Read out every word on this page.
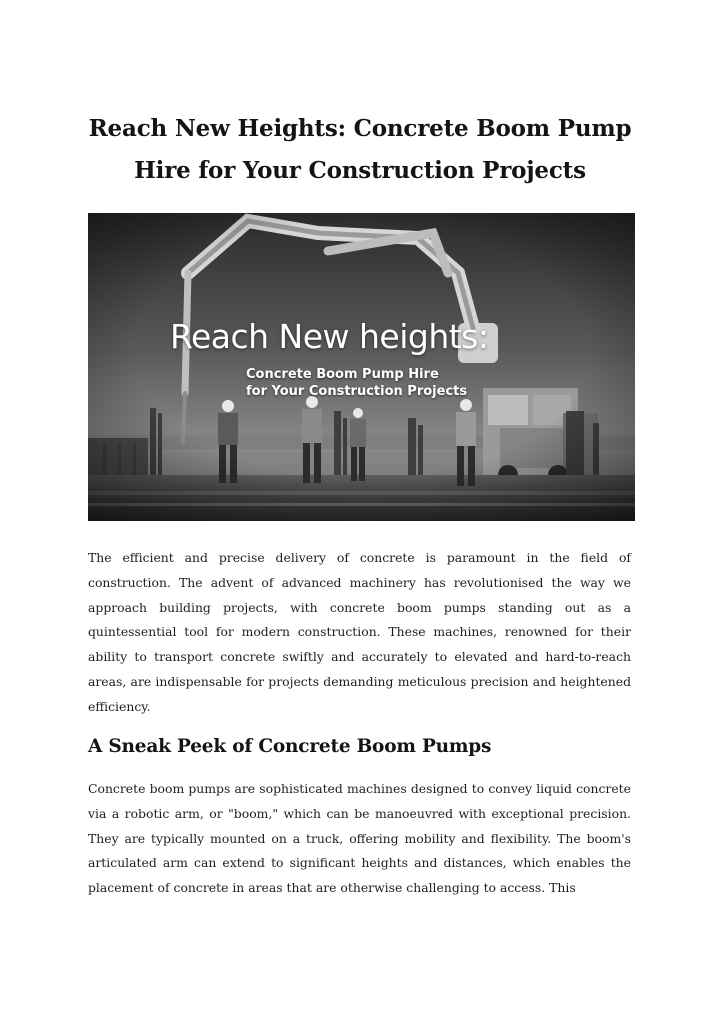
Reach New Heights: Concrete Boom Pump Hire for Your Construction Projects

Reach New heights:

Concrete Boom Pump Hire
for Your Construction Projects

The efficient and precise delivery of concrete is paramount in the field of construction. The advent of advanced machinery has revolutionised the way we approach building projects, with concrete boom pumps standing out as a quintessential tool for modern construction. These machines, renowned for their ability to transport concrete swiftly and accurately to elevated and hard-to-reach areas, are indispensable for projects demanding meticulous precision and heightened efficiency.

A Sneak Peek of Concrete Boom Pumps

Concrete boom pumps are sophisticated machines designed to convey liquid concrete via a robotic arm, or "boom," which can be manoeuvred with exceptional precision. They are typically mounted on a truck, offering mobility and flexibility. The boom's articulated arm can extend to significant heights and distances, which enables the placement of concrete in areas that are otherwise challenging to access. This
